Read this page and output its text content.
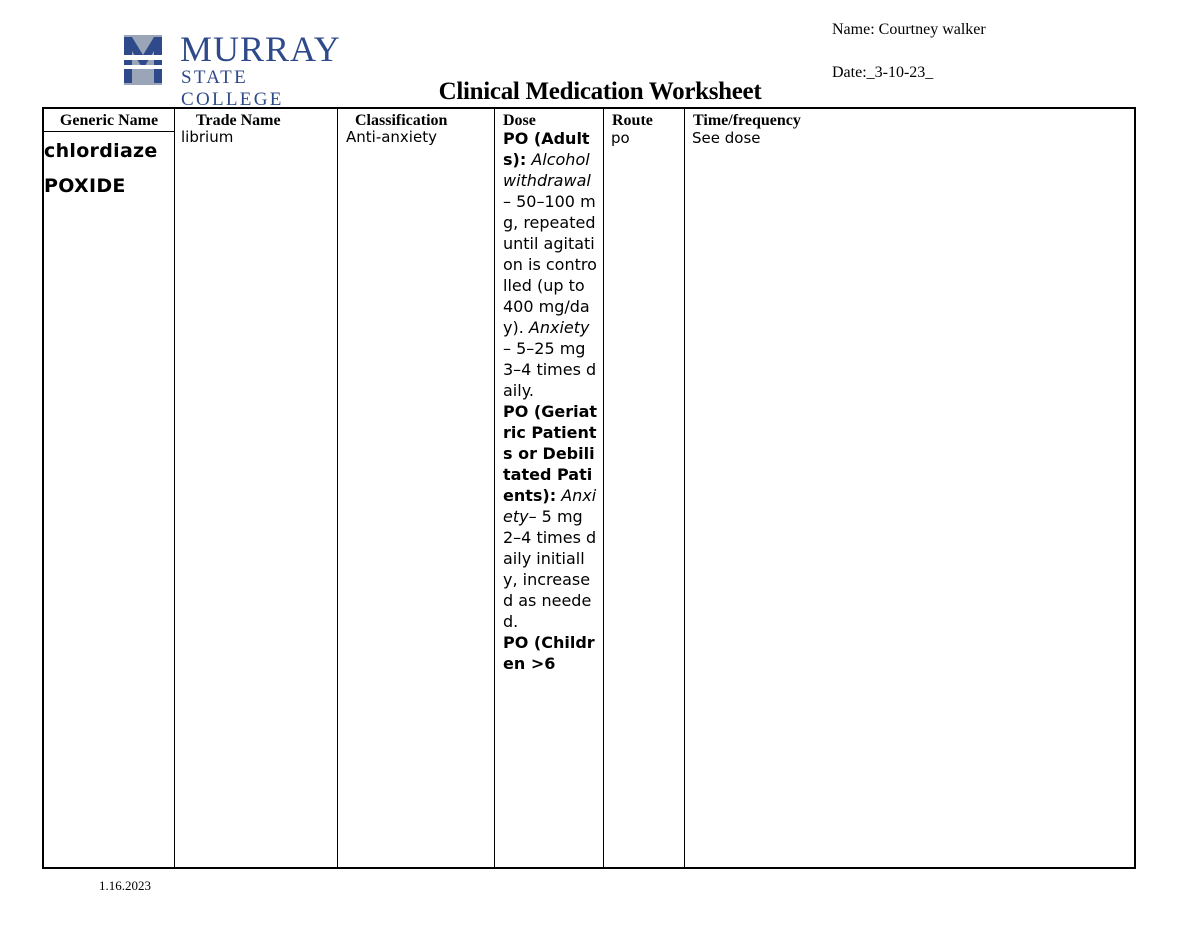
MURRAY
STATE COLLEGE
Name: Courtney walker
Date:_3-10-23_
Clinical Medication Worksheet
Generic Name
chlordiaze
POXIDE
Trade Name
librium
Classification
Anti-anxiety
Dose
PO (Adults): Alcohol withdrawal– 50–100 mg, repeated until agitation is controlled (up to 400 mg/day). Anxiety– 5–25 mg 3–4 times daily.
PO (Geriatric Patients or Debilitated Patients): Anxiety– 5 mg 2–4 times daily initially, increased as needed.
PO (Children >6
Route
po
Time/frequency
See dose
1.16.2023
